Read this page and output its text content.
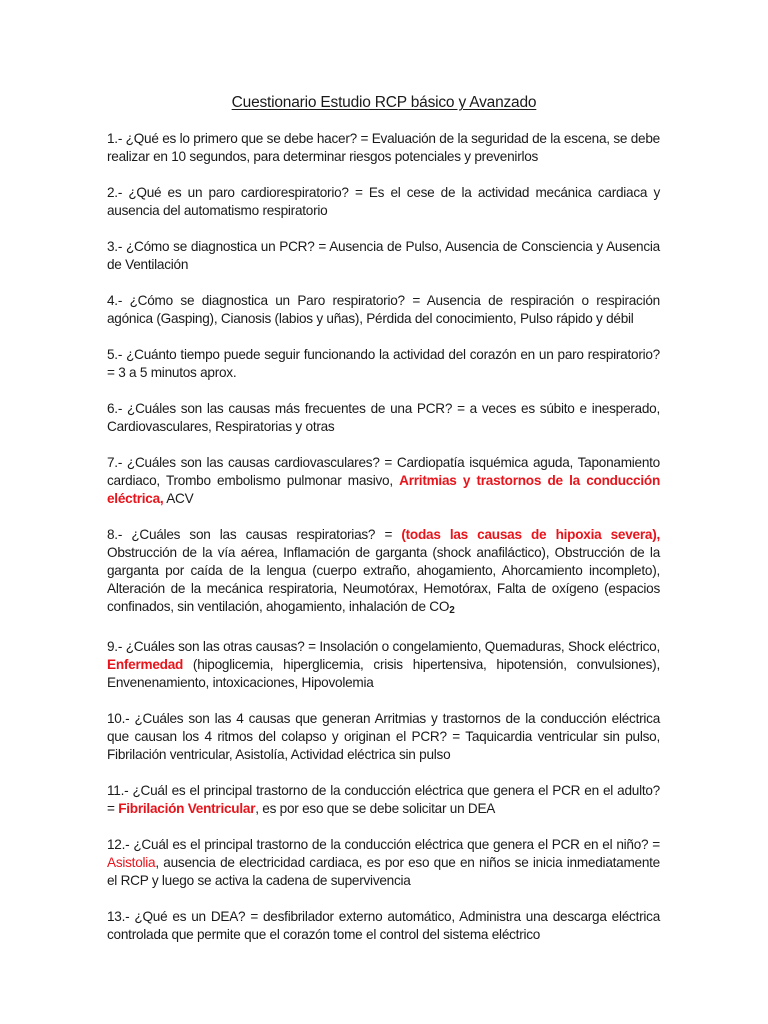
Cuestionario Estudio RCP básico y Avanzado

1.- ¿Qué es lo primero que se debe hacer? = Evaluación de la seguridad de la escena, se debe realizar en 10 segundos, para determinar riesgos potenciales y prevenirlos

2.- ¿Qué es un paro cardiorespiratorio? = Es el cese de la actividad mecánica cardiaca y ausencia del automatismo respiratorio

3.- ¿Cómo se diagnostica un PCR? = Ausencia de Pulso, Ausencia de Consciencia y Ausencia de Ventilación

4.- ¿Cómo se diagnostica un Paro respiratorio? = Ausencia de respiración o respiración agónica (Gasping), Cianosis (labios y uñas), Pérdida del conocimiento, Pulso rápido y débil

5.- ¿Cuánto tiempo puede seguir funcionando la actividad del corazón en un paro respiratorio? = 3 a 5 minutos aprox.

6.- ¿Cuáles son las causas más frecuentes de una PCR? = a veces es súbito e inesperado, Cardiovasculares, Respiratorias y otras

7.- ¿Cuáles son las causas cardiovasculares? = Cardiopatía isquémica aguda, Taponamiento cardiaco, Trombo embolismo pulmonar masivo, Arritmias y trastornos de la conducción eléctrica, ACV

8.- ¿Cuáles son las causas respiratorias? = (todas las causas de hipoxia severa), Obstrucción de la vía aérea, Inflamación de garganta (shock anafiláctico), Obstrucción de la garganta por caída de la lengua (cuerpo extraño, ahogamiento, Ahorcamiento incompleto), Alteración de la mecánica respiratoria, Neumotórax, Hemotórax, Falta de oxígeno (espacios confinados, sin ventilación, ahogamiento, inhalación de $CO_2$

9.- ¿Cuáles son las otras causas? = Insolación o congelamiento, Quemaduras, Shock eléctrico, Enfermedad (hipoglicemia, hiperglicemia, crisis hipertensiva, hipotensión, convulsiones), Envenenamiento, intoxicaciones, Hipovolemia

10.- ¿Cuáles son las 4 causas que generan Arritmias y trastornos de la conducción eléctrica que causan los 4 ritmos del colapso y originan el PCR? = Taquicardia ventricular sin pulso, Fibrilación ventricular, Asistolía, Actividad eléctrica sin pulso

11.- ¿Cuál es el principal trastorno de la conducción eléctrica que genera el PCR en el adulto? = Fibrilación Ventricular, es por eso que se debe solicitar un DEA

12.- ¿Cuál es el principal trastorno de la conducción eléctrica que genera el PCR en el niño? = Asistolia, ausencia de electricidad cardiaca, es por eso que en niños se inicia inmediatamente el RCP y luego se activa la cadena de supervivencia

13.- ¿Qué es un DEA? = desfibrilador externo automático, Administra una descarga eléctrica controlada que permite que el corazón tome el control del sistema eléctrico
